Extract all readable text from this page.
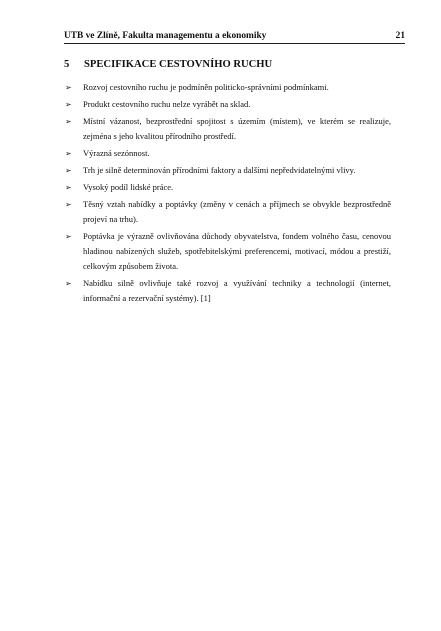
UTB ve Zlíně, Fakulta managementu a ekonomiky	21
5 SPECIFIKACE CESTOVNÍHO RUCHU
➢ Rozvoj cestovního ruchu je podmíněn politicko-správními podmínkami.
➢ Produkt cestovního ruchu nelze vyrábět na sklad.
➢ Místní vázanost, bezprostřední spojitost s územím (místem), ve kterém se realizuje, zejména s jeho kvalitou přírodního prostředí.
➢ Výrazná sezónnost.
➢ Trh je silně determinován přírodními faktory a dalšími nepředvidatelnými vlivy.
➢ Vysoký podíl lidské práce.
➢ Těsný vztah nabídky a poptávky (změny v cenách a příjmech se obvykle bezprostředně projeví na trhu).
➢ Poptávka je výrazně ovlivňována důchody obyvatelstva, fondem volného času, cenovou hladinou nabízených služeb, spotřebitelskými preferencemi, motivací, módou a prestiží, celkovým způsobem života.
➢ Nabídku silně ovlivňuje také rozvoj a využívání techniky a technologií (internet, informační a rezervační systémy). [1]
